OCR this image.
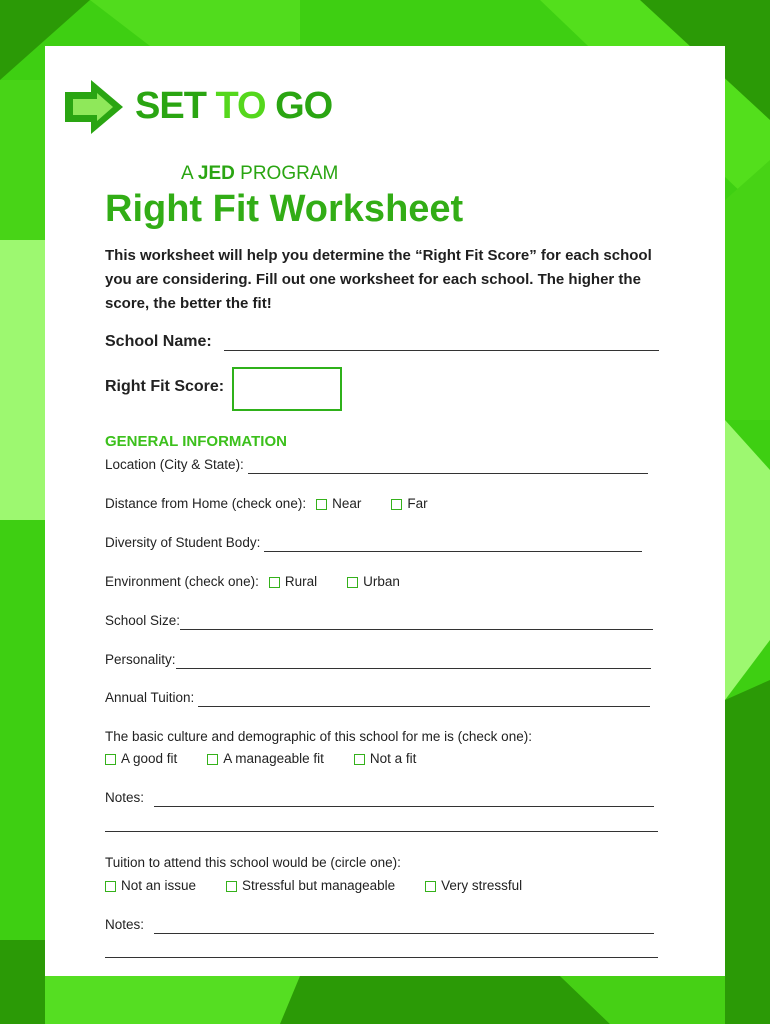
SET TO GO
A JED PROGRAM
Right Fit Worksheet

This worksheet will help you determine the “Right Fit Score” for each school you are considering. Fill out one worksheet for each school. The higher the score, the better the fit!

School Name:
Right Fit Score:
GENERAL INFORMATION
Location (City & State):
Distance from Home (check one): Near	Far
Diversity of Student Body:
Environment (check one): Rural	Urban
School Size:
Personality:
Annual Tuition:
The basic culture and demographic of this school for me is (check one):
A good fit	A manageable fit	Not a fit
Notes:
Tuition to attend this school would be (circle one):
Not an issue	Stressful but manageable	Very stressful
Notes:
